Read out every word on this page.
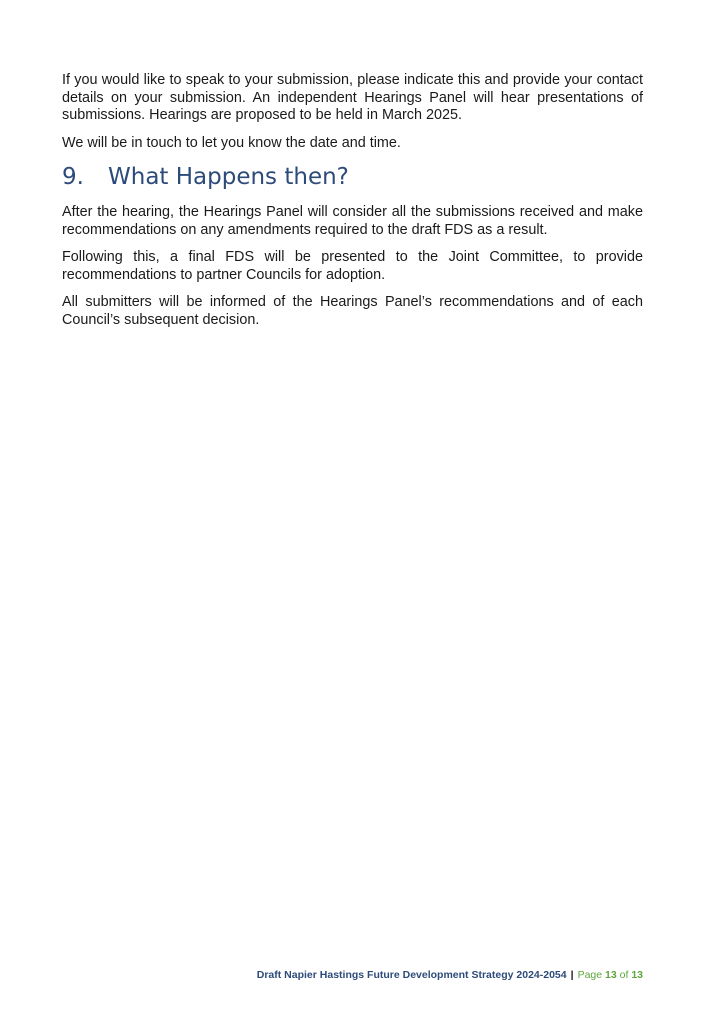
If you would like to speak to your submission, please indicate this and provide your contact details on your submission. An independent Hearings Panel will hear presentations of submissions. Hearings are proposed to be held in March 2025.

We will be in touch to let you know the date and time.

9.	What Happens then?

After the hearing, the Hearings Panel will consider all the submissions received and make recommendations on any amendments required to the draft FDS as a result.

Following this, a final FDS will be presented to the Joint Committee, to provide recommendations to partner Councils for adoption.

All submitters will be informed of the Hearings Panel’s recommendations and of each Council’s subsequent decision.

Draft Napier Hastings Future Development Strategy 2024-2054 | Page 13 of 13
